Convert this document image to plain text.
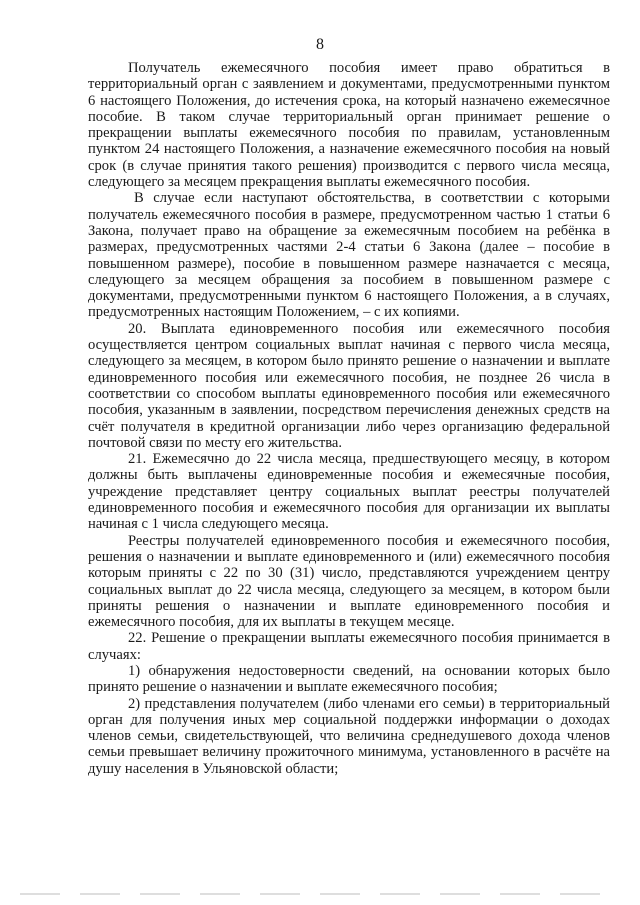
8

Получатель ежемесячного пособия имеет право обратиться в территориальный орган с заявлением и документами, предусмотренными пунктом 6 настоящего Положения, до истечения срока, на который назначено ежемесячное пособие. В таком случае территориальный орган принимает решение о прекращении выплаты ежемесячного пособия по правилам, установленным пунктом 24 настоящего Положения, а назначение ежемесячного пособия на новый срок (в случае принятия такого решения) производится с первого числа месяца, следующего за месяцем прекращения выплаты ежемесячного пособия.

В случае если наступают обстоятельства, в соответствии с которыми получатель ежемесячного пособия в размере, предусмотренном частью 1 статьи 6 Закона, получает право на обращение за ежемесячным пособием на ребёнка в размерах, предусмотренных частями 2-4 статьи 6 Закона (далее – пособие в повышенном размере), пособие в повышенном размере назначается с месяца, следующего за месяцем обращения за пособием в повышенном размере с документами, предусмотренными пунктом 6 настоящего Положения, а в случаях, предусмотренных настоящим Положением, – с их копиями.

20. Выплата единовременного пособия или ежемесячного пособия осуществляется центром социальных выплат начиная с первого числа месяца, следующего за месяцем, в котором было принято решение о назначении и выплате единовременного пособия или ежемесячного пособия, не позднее 26 числа в соответствии со способом выплаты единовременного пособия или ежемесячного пособия, указанным в заявлении, посредством перечисления денежных средств на счёт получателя в кредитной организации либо через организацию федеральной почтовой связи по месту его жительства.

21. Ежемесячно до 22 числа месяца, предшествующего месяцу, в котором должны быть выплачены единовременные пособия и ежемесячные пособия, учреждение представляет центру социальных выплат реестры получателей единовременного пособия и ежемесячного пособия для организации их выплаты начиная с 1 числа следующего месяца.

Реестры получателей единовременного пособия и ежемесячного пособия, решения о назначении и выплате единовременного и (или) ежемесячного пособия которым приняты с 22 по 30 (31) число, представляются учреждением центру социальных выплат до 22 числа месяца, следующего за месяцем, в котором были приняты решения о назначении и выплате единовременного пособия и ежемесячного пособия, для их выплаты в текущем месяце.

22. Решение о прекращении выплаты ежемесячного пособия принимается в случаях:

1) обнаружения недостоверности сведений, на основании которых было принято решение о назначении и выплате ежемесячного пособия;

2) представления получателем (либо членами его семьи) в территориальный орган для получения иных мер социальной поддержки информации о доходах членов семьи, свидетельствующей, что величина среднедушевого дохода членов семьи превышает величину прожиточного минимума, установленного в расчёте на душу населения в Ульяновской области;
